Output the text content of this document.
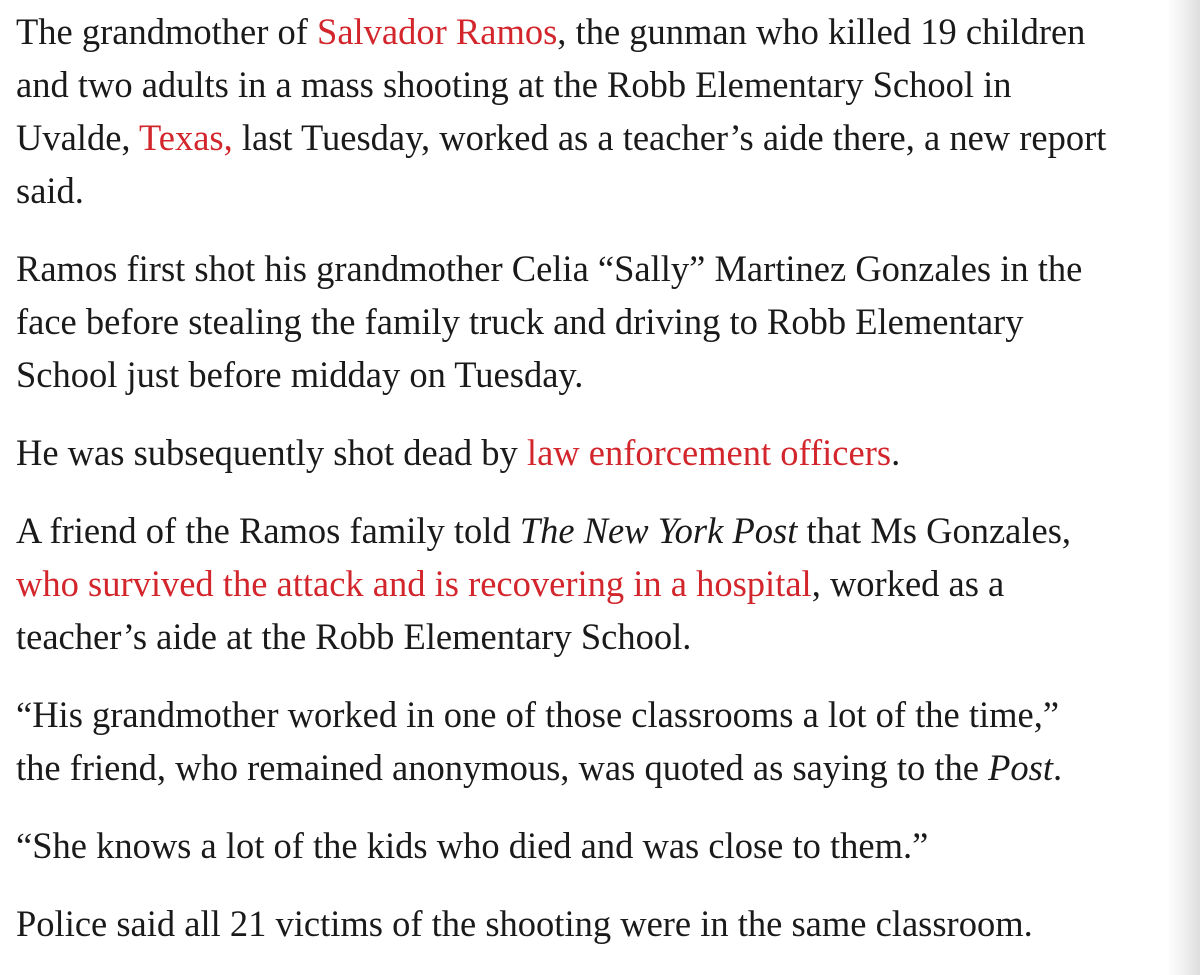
The grandmother of Salvador Ramos, the gunman who killed 19 children
and two adults in a mass shooting at the Robb Elementary School in
Uvalde, Texas, last Tuesday, worked as a teacher’s aide there, a new report
said.

Ramos first shot his grandmother Celia “Sally” Martinez Gonzales in the
face before stealing the family truck and driving to Robb Elementary
School just before midday on Tuesday.

He was subsequently shot dead by law enforcement officers.

A friend of the Ramos family told The New York Post that Ms Gonzales,
who survived the attack and is recovering in a hospital, worked as a
teacher’s aide at the Robb Elementary School.

“His grandmother worked in one of those classrooms a lot of the time,”
the friend, who remained anonymous, was quoted as saying to the Post.

“She knows a lot of the kids who died and was close to them.”

Police said all 21 victims of the shooting were in the same classroom.
